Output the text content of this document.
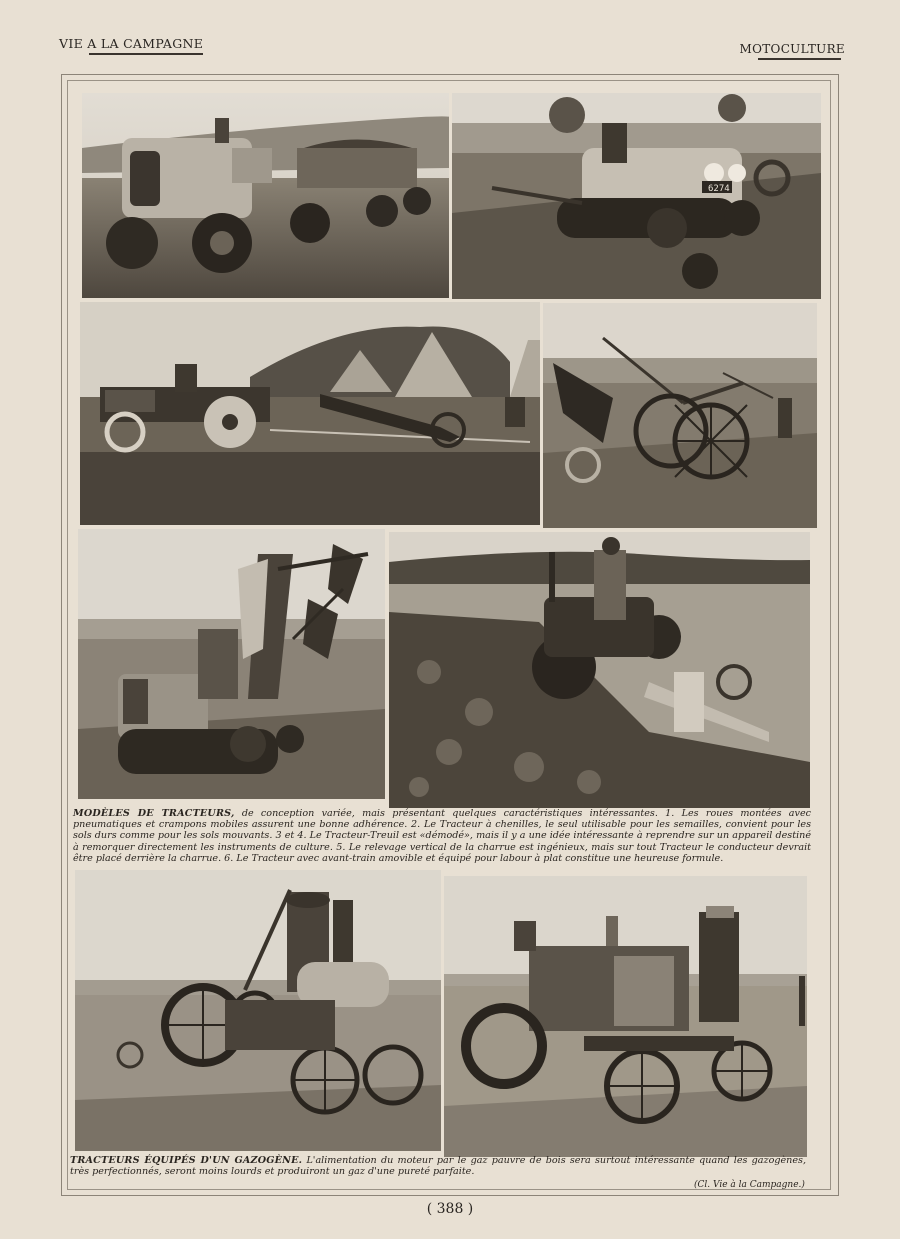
VIE A LA CAMPAGNE	MOTOCULTURE
6274
MODÈLES DE TRACTEURS, de conception variée, mais présentant quelques caractéristiques intéressantes. 1. Les roues montées avec pneumatiques et crampons mobiles assurent une bonne adhérence. 2. Le Tracteur à chenilles, le seul utilisable pour les semailles, convient pour les sols durs comme pour les sols mouvants. 3 et 4. Le Tracteur-Treuil est «démodé», mais il y a une idée intéressante à reprendre sur un appareil destiné à remorquer directement les instruments de culture. 5. Le relevage vertical de la charrue est ingénieux, mais sur tout Tracteur le conducteur devrait être placé derrière la charrue. 6. Le Tracteur avec avant-train amovible et équipé pour labour à plat constitue une heureuse formule.
TRACTEURS ÉQUIPÉS D'UN GAZOGÈNE. L'alimentation du moteur par le gaz pauvre de bois sera surtout intéressante quand les gazogènes, très perfectionnés, seront moins lourds et produiront un gaz d'une pureté parfaite.
(Cl. Vie à la Campagne.)
( 388 )
